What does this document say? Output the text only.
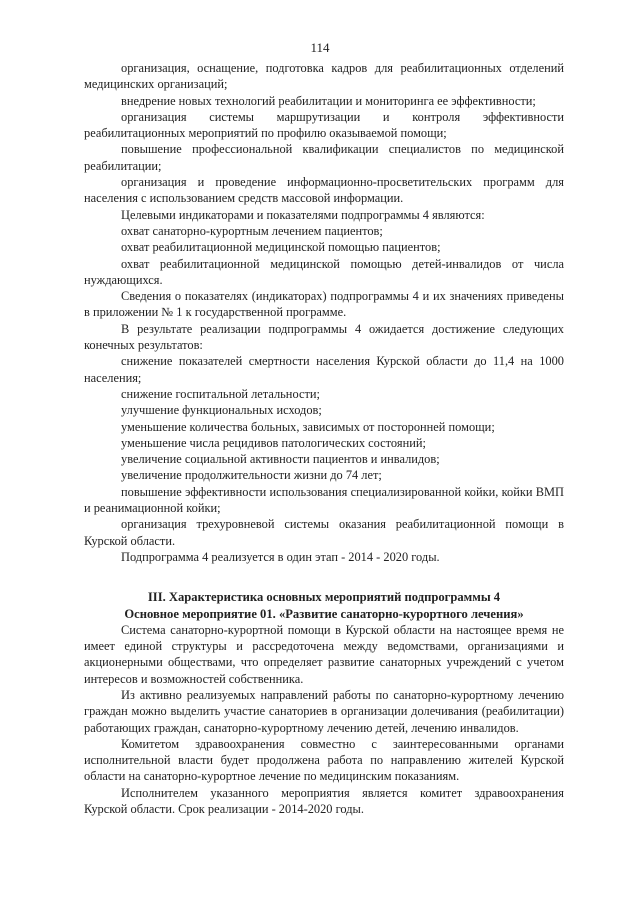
114

организация, оснащение, подготовка кадров для реабилитационных отделений медицинских организаций;

внедрение новых технологий реабилитации и мониторинга ее эффективности;

организация системы маршрутизации и контроля эффективности реабилитационных мероприятий по профилю оказываемой помощи;

повышение профессиональной квалификации специалистов по медицинской реабилитации;

организация и проведение информационно-просветительских программ для населения с использованием средств массовой информации.

Целевыми индикаторами и показателями подпрограммы 4 являются:

охват санаторно-курортным лечением пациентов;

охват реабилитационной медицинской помощью пациентов;

охват реабилитационной медицинской помощью детей-инвалидов от числа нуждающихся.

Сведения о показателях (индикаторах) подпрограммы 4 и их значениях приведены в приложении № 1 к государственной программе.

В результате реализации подпрограммы 4 ожидается достижение следующих конечных результатов:

снижение показателей смертности населения Курской области до 11,4 на 1000 населения;

снижение госпитальной летальности;

улучшение функциональных исходов;

уменьшение количества больных, зависимых от посторонней помощи;

уменьшение числа рецидивов патологических состояний;

увеличение социальной активности пациентов и инвалидов;

увеличение продолжительности жизни до 74 лет;

повышение эффективности использования специализированной койки, койки ВМП и реанимационной койки;

организация трехуровневой системы оказания реабилитационной помощи в Курской области.

Подпрограмма 4 реализуется в один этап - 2014 - 2020 годы.

III. Характеристика основных мероприятий подпрограммы 4
Основное мероприятие 01. «Развитие санаторно-курортного лечения»

Система санаторно-курортной помощи в Курской области на настоящее время не имеет единой структуры и рассредоточена между ведомствами, организациями и акционерными обществами, что определяет развитие санаторных учреждений с учетом интересов и возможностей собственника.

Из активно реализуемых направлений работы по санаторно-курортному лечению граждан можно выделить участие санаториев в организации долечивания (реабилитации) работающих граждан, санаторно-курортному лечению детей, лечению инвалидов.

Комитетом здравоохранения совместно с заинтересованными органами исполнительной власти будет продолжена работа по направлению жителей Курской области на санаторно-курортное лечение по медицинским показаниям.

Исполнителем указанного мероприятия является комитет здравоохранения Курской области. Срок реализации - 2014-2020 годы.
